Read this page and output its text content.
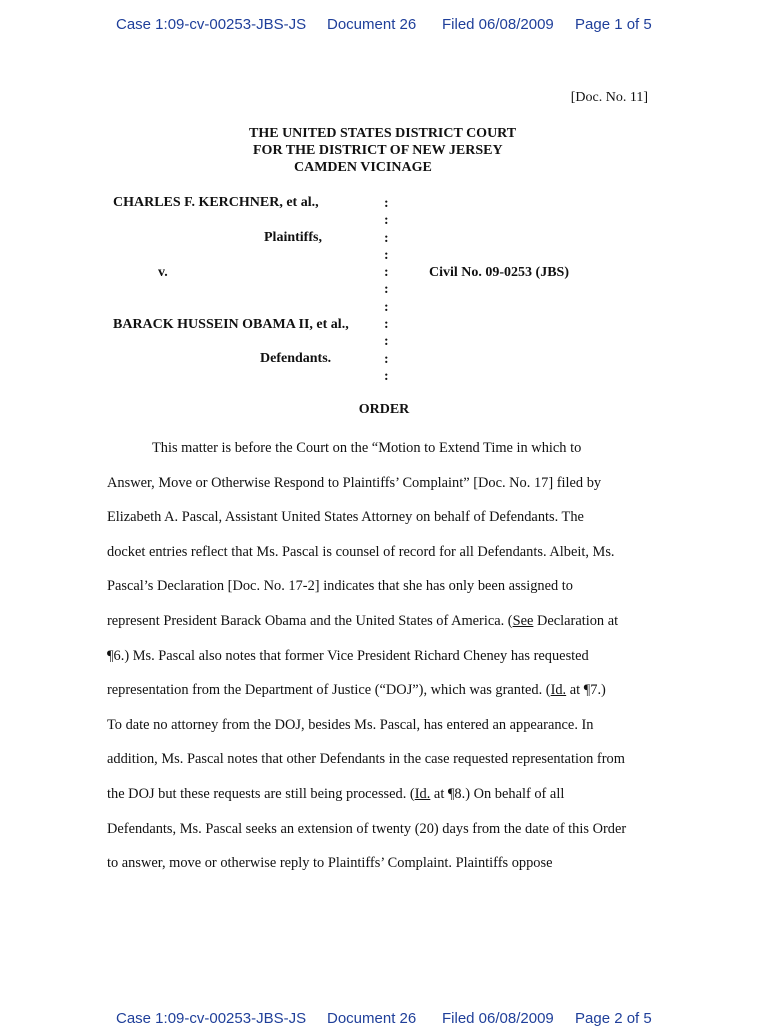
Case 1:09-cv-00253-JBS-JS Document 26 Filed 06/08/2009 Page 1 of 5
[Doc. No. 11]
THE UNITED STATES DISTRICT COURT
FOR THE DISTRICT OF NEW JERSEY
CAMDEN VICINAGE
CHARLES F. KERCHNER, et al.,
Plaintiffs,
v.
BARACK HUSSEIN OBAMA II, et al.,
Defendants.
Civil No. 09-0253 (JBS)
:
:
:
:
:
:
:
:
:
:
:
ORDER
This matter is before the Court on the “Motion to Extend Time in which to
Answer, Move or Otherwise Respond to Plaintiffs’ Complaint” [Doc. No. 17] filed by
Elizabeth A. Pascal, Assistant United States Attorney on behalf of Defendants. The
docket entries reflect that Ms. Pascal is counsel of record for all Defendants. Albeit, Ms.
Pascal’s Declaration [Doc. No. 17-2] indicates that she has only been assigned to
represent President Barack Obama and the United States of America. (See Declaration at
¶6.) Ms. Pascal also notes that former Vice President Richard Cheney has requested
representation from the Department of Justice (“DOJ”), which was granted. (Id. at ¶7.)
To date no attorney from the DOJ, besides Ms. Pascal, has entered an appearance. In
addition, Ms. Pascal notes that other Defendants in the case requested representation from
the DOJ but these requests are still being processed. (Id. at ¶8.) On behalf of all
Defendants, Ms. Pascal seeks an extension of twenty (20) days from the date of this Order
to answer, move or otherwise reply to Plaintiffs’ Complaint. Plaintiffs oppose
Case 1:09-cv-00253-JBS-JS Document 26 Filed 06/08/2009 Page 2 of 5
